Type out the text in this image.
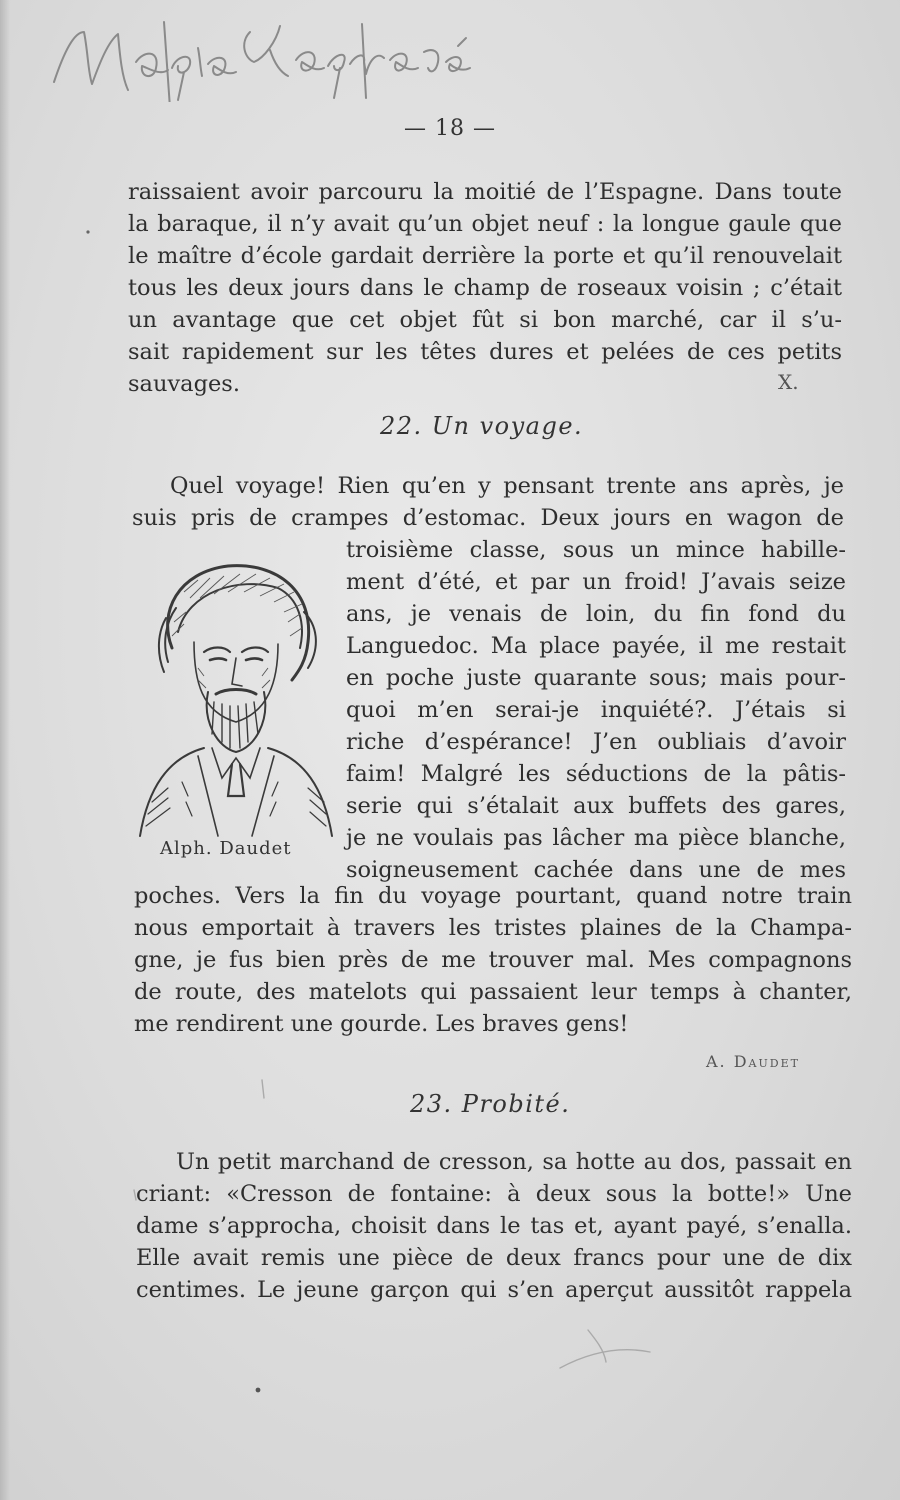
— 18 —
raissaient avoir parcouru la moitié de l’Espagne. Dans toute
la baraque, il n’y avait qu’un objet neuf : la longue gaule que
le maître d’école gardait derrière la porte et qu’il renouvelait
tous les deux jours dans le champ de roseaux voisin ; c’était
un avantage que cet objet fût si bon marché, car il s’u-
sait rapidement sur les têtes dures et pelées de ces petits
sauvages.	X.
22. Un voyage.
Quel voyage! Rien qu’en y pensant trente ans après, je
suis pris de crampes d’estomac. Deux jours en wagon de
Alph. Daudet
troisième classe, sous un mince habille-
ment d’été, et par un froid! J’avais seize
ans, je venais de loin, du fin fond du
Languedoc. Ma place payée, il me restait
en poche juste quarante sous; mais pour-
quoi m’en serai-je inquiété?. J’étais si
riche d’espérance! J’en oubliais d’avoir
faim! Malgré les séductions de la pâtis-
serie qui s’étalait aux buffets des gares,
je ne voulais pas lâcher ma pièce blanche,
soigneusement cachée dans une de mes
poches. Vers la fin du voyage pourtant, quand notre train
nous emportait à travers les tristes plaines de la Champa-
gne, je fus bien près de me trouver mal. Mes compagnons
de route, des matelots qui passaient leur temps à chanter,
me rendirent une gourde. Les braves gens!
A. Daudet
23. Probité.
Un petit marchand de cresson, sa hotte au dos, passait en
criant: «Cresson de fontaine: à deux sous la botte!» Une
dame s’approcha, choisit dans le tas et, ayant payé, s’enalla.
Elle avait remis une pièce de deux francs pour une de dix
centimes. Le jeune garçon qui s’en aperçut aussitôt rappela
